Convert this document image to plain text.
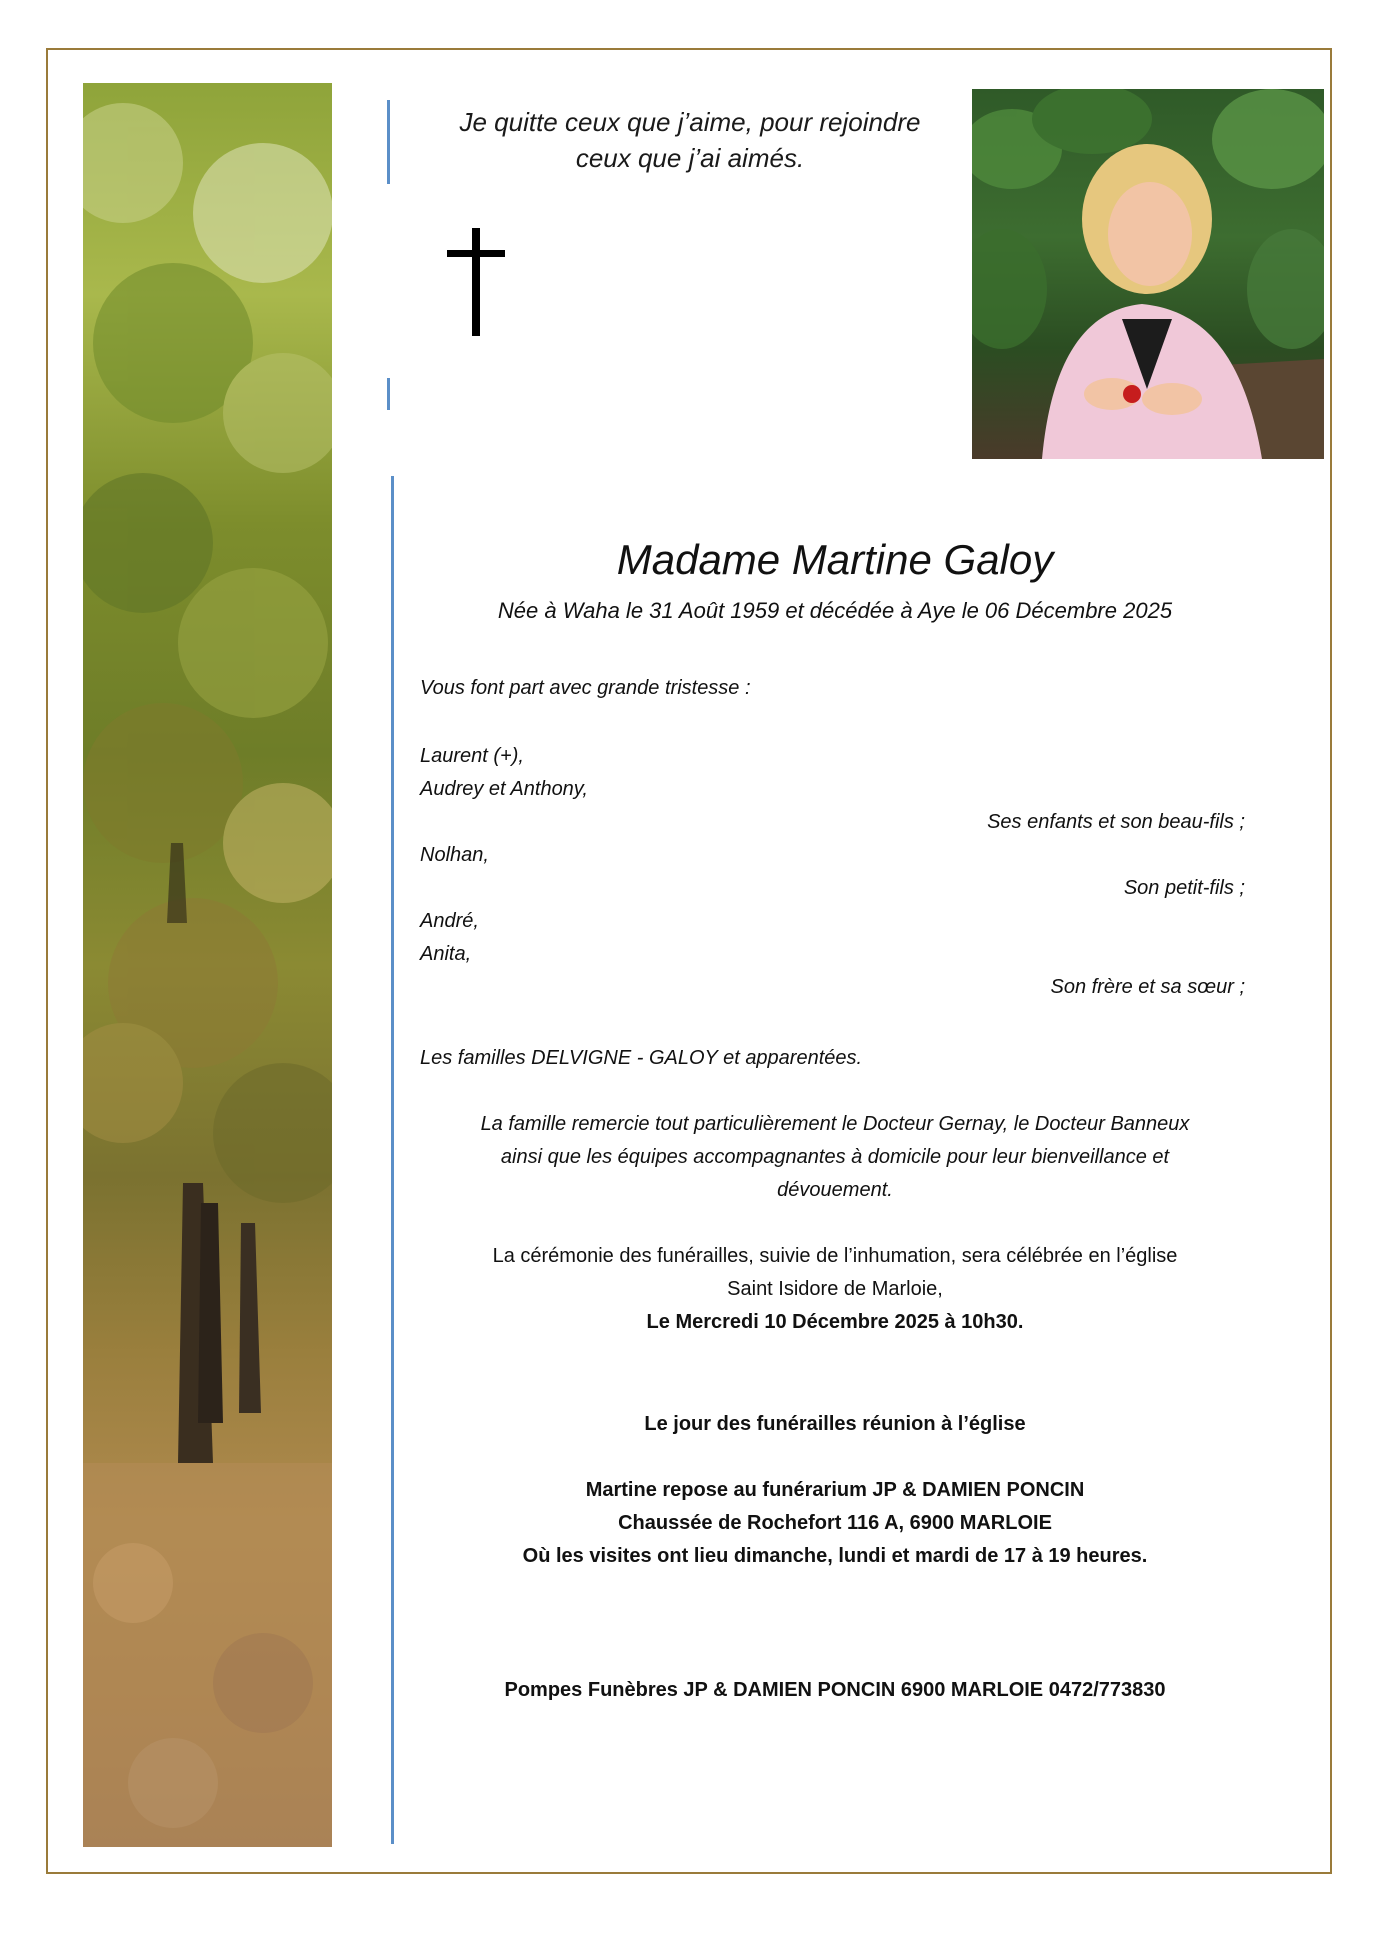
Je quitte ceux que j’aime, pour rejoindre
ceux que j’ai aimés.
Madame Martine Galoy
Née à Waha le 31 Août 1959 et décédée à Aye le 06 Décembre 2025
Vous font part avec grande tristesse :
Laurent (+),
Audrey et Anthony,
Ses enfants et son beau-fils ;
Nolhan,
Son petit-fils ;
André,
Anita,
Son frère et sa sœur ;
Les familles DELVIGNE - GALOY et apparentées.
La famille remercie tout particulièrement le Docteur Gernay, le Docteur Banneux
ainsi que les équipes accompagnantes à domicile pour leur bienveillance et
dévouement.
La cérémonie des funérailles, suivie de l’inhumation, sera célébrée en l’église
Saint Isidore de Marloie,
Le Mercredi 10 Décembre 2025 à 10h30.
Le jour des funérailles réunion à l’église
Martine repose au funérarium JP & DAMIEN PONCIN
Chaussée de Rochefort 116 A, 6900 MARLOIE
Où les visites ont lieu dimanche, lundi et mardi de 17 à 19 heures.
Pompes Funèbres JP & DAMIEN PONCIN 6900 MARLOIE 0472/773830
